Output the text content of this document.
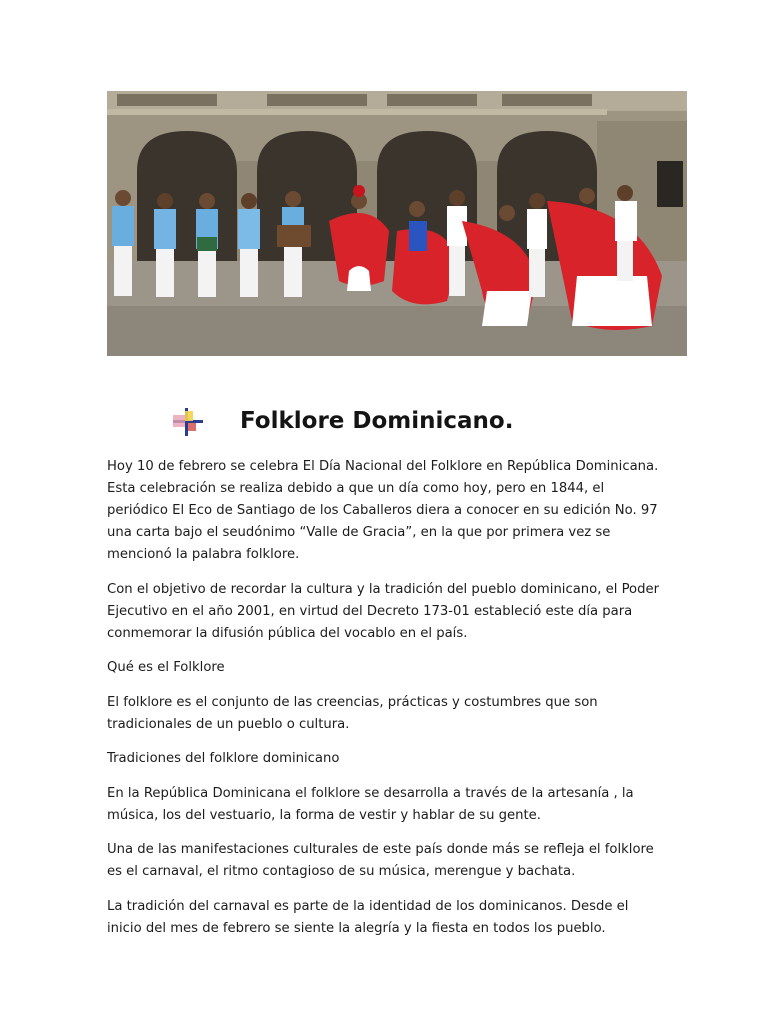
Folklore Dominicano.

Hoy 10 de febrero se celebra El Día Nacional del Folklore en República Dominicana. Esta celebración se realiza debido a que un día como hoy, pero en 1844, el periódico El Eco de Santiago de los Caballeros diera a conocer en su edición No. 97 una carta bajo el seudónimo “Valle de Gracia”, en la que por primera vez se mencionó la palabra folklore.

Con el objetivo de recordar la cultura y la tradición del pueblo dominicano, el Poder Ejecutivo en el año 2001, en virtud del Decreto 173-01 estableció este día para conmemorar la difusión pública del vocablo en el país.

Qué es el Folklore

El folklore es el conjunto de las creencias, prácticas y costumbres que son tradicionales de un pueblo o cultura.

Tradiciones del folklore dominicano

En la República Dominicana el folklore se desarrolla a través de la artesanía , la música, los del vestuario, la forma de vestir y hablar de su gente.

Una de las manifestaciones culturales de este país donde más se refleja el folklore es el carnaval, el ritmo contagioso de su música, merengue y bachata.

La tradición del carnaval es parte de la identidad de los dominicanos. Desde el inicio del mes de febrero se siente la alegría y la fiesta en todos los pueblo.
